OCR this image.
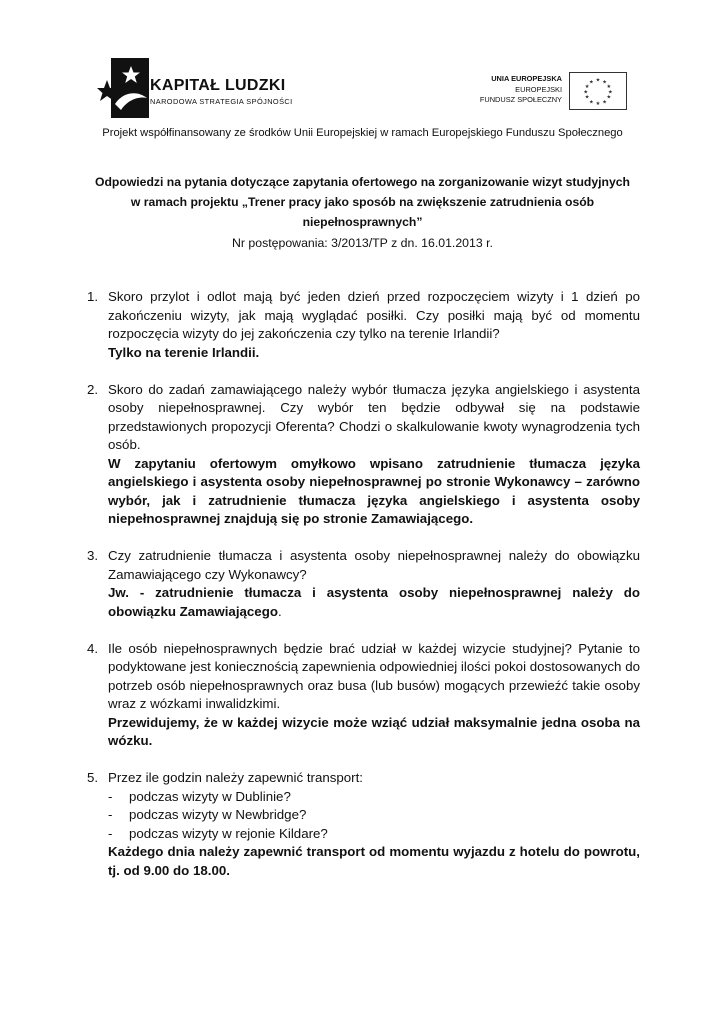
KAPITAŁ LUDZKI
NARODOWA STRATEGIA SPÓJNOŚCI
UNIA EUROPEJSKA
EUROPEJSKI
FUNDUSZ SPOŁECZNY
★ ★
★
★
★
★
★
★
★
★
★
★
Projekt współfinansowany ze środków Unii Europejskiej w ramach Europejskiego Funduszu Społecznego
Odpowiedzi na pytania dotyczące zapytania ofertowego na zorganizowanie wizyt studyjnych
w ramach projektu „Trener pracy jako sposób na zwiększenie zatrudnienia osób
niepełnosprawnych”
Nr postępowania: 3/2013/TP z dn. 16.01.2013 r.
1. Skoro przylot i odlot mają być jeden dzień przed rozpoczęciem wizyty i 1 dzień po zakończeniu wizyty, jak mają wyglądać posiłki. Czy posiłki mają być od momentu rozpoczęcia wizyty do jej zakończenia czy tylko na terenie Irlandii?
Tylko na terenie Irlandii.
2. Skoro do zadań zamawiającego należy wybór tłumacza języka angielskiego i asystenta osoby niepełnosprawnej. Czy wybór ten będzie odbywał się na podstawie przedstawionych propozycji Oferenta? Chodzi o skalkulowanie kwoty wynagrodzenia tych osób.
W zapytaniu ofertowym omyłkowo wpisano zatrudnienie tłumacza języka angielskiego i asystenta osoby niepełnosprawnej po stronie Wykonawcy – zarówno wybór, jak i zatrudnienie tłumacza języka angielskiego i asystenta osoby niepełnosprawnej znajdują się po stronie Zamawiającego.
3. Czy zatrudnienie tłumacza i asystenta osoby niepełnosprawnej należy do obowiązku Zamawiającego czy Wykonawcy?
Jw. - zatrudnienie tłumacza i asystenta osoby niepełnosprawnej należy do obowiązku Zamawiającego.
4. Ile osób niepełnosprawnych będzie brać udział w każdej wizycie studyjnej? Pytanie to podyktowane jest koniecznością zapewnienia odpowiedniej ilości pokoi dostosowanych do potrzeb osób niepełnosprawnych oraz busa (lub busów) mogących przewieźć takie osoby wraz z wózkami inwalidzkimi.
Przewidujemy, że w każdej wizycie może wziąć udział maksymalnie jedna osoba na wózku.
5. Przez ile godzin należy zapewnić transport:
- podczas wizyty w Dublinie?
- podczas wizyty w Newbridge?
- podczas wizyty w rejonie Kildare?
Każdego dnia należy zapewnić transport od momentu wyjazdu z hotelu do powrotu, tj. od 9.00 do 18.00.
